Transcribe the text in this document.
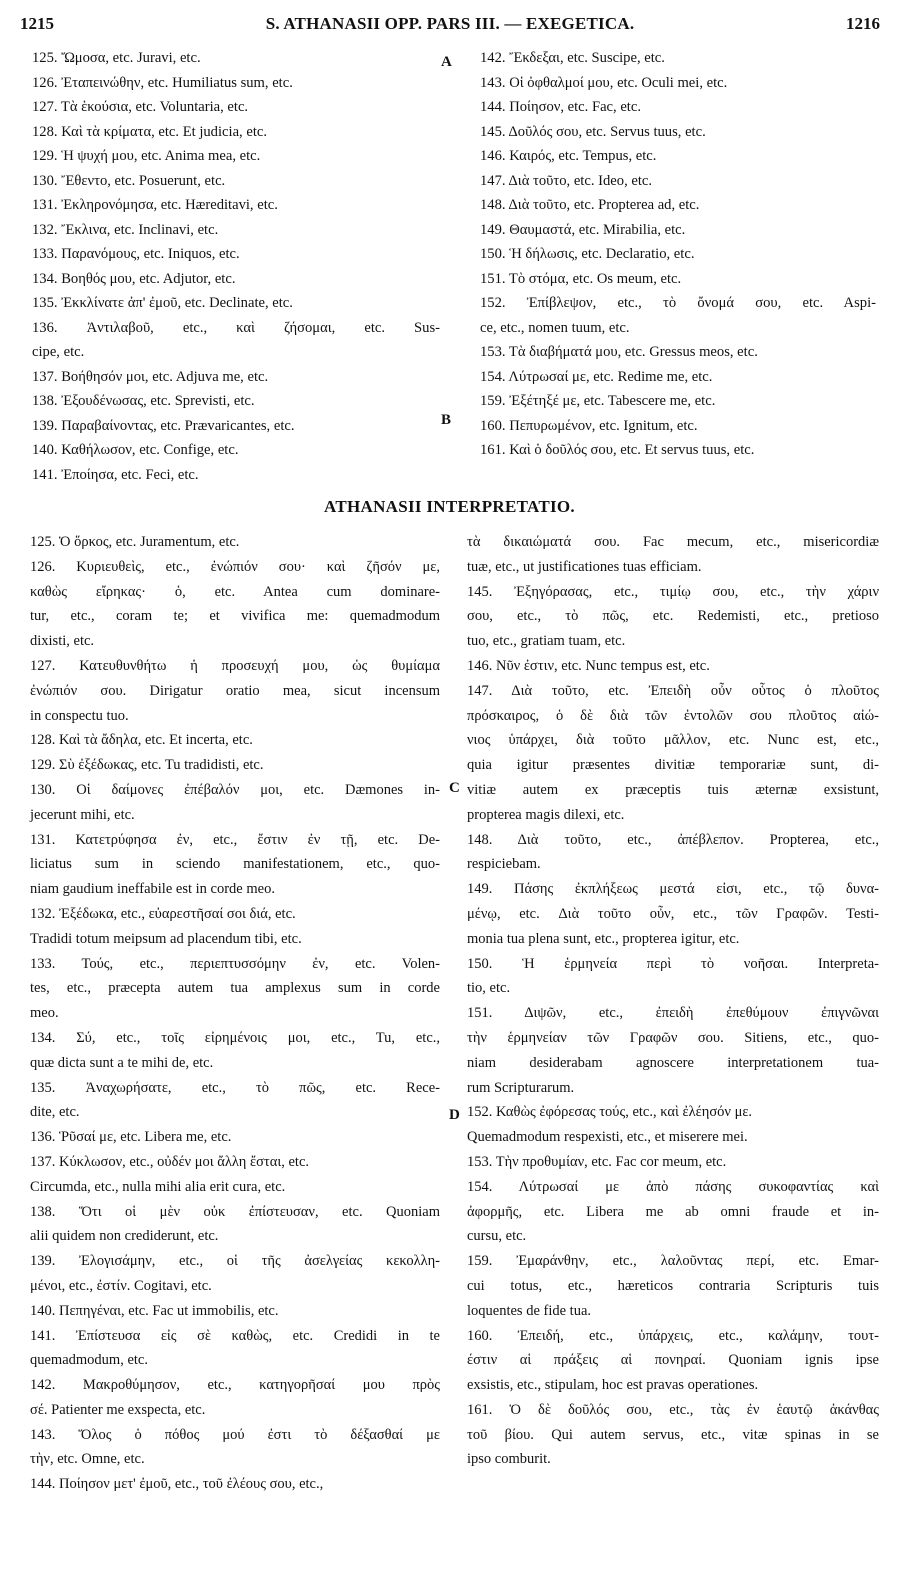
1215	S. ATHANASII OPP. PARS III. — EXEGETICA.	1216
125. Ὤμοσα, etc. Juravi, etc.
126. Ἐταπεινώθην, etc. Humiliatus sum, etc.
127. Τὰ ἑκούσια, etc. Voluntaria, etc.
128. Καὶ τὰ κρίματα, etc. Et judicia, etc.
129. Ἡ ψυχή μου, etc. Anima mea, etc.
130. Ἔθεντο, etc. Posuerunt, etc.
131. Ἐκληρονόμησα, etc. Hæreditavi, etc.
132. Ἔκλινα, etc. Inclinavi, etc.
133. Παρανόμους, etc. Iniquos, etc.
134. Βοηθός μου, etc. Adjutor, etc.
135. Ἐκκλίνατε ἀπ' ἐμοῦ, etc. Declinate, etc.
136. Ἀντιλαβοῦ, etc., καὶ ζήσομαι, etc. Sus-
cipe, etc.
137. Βοήθησόν μοι, etc. Adjuva me, etc.
138. Ἐξουδένωσας, etc. Sprevisti, etc.
139. Παραβαίνοντας, etc. Prævaricantes, etc.
140. Καθήλωσον, etc. Confige, etc.
141. Ἐποίησα, etc. Feci, etc.
142. Ἔκδεξαι, etc. Suscipe, etc.
143. Οἱ ὀφθαλμοί μου, etc. Oculi mei, etc.
144. Ποίησον, etc. Fac, etc.
145. Δοῦλός σου, etc. Servus tuus, etc.
146. Καιρός, etc. Tempus, etc.
147. Διὰ τοῦτο, etc. Ideo, etc.
148. Διὰ τοῦτο, etc. Propterea ad, etc.
149. Θαυμαστά, etc. Mirabilia, etc.
150. Ἡ δήλωσις, etc. Declaratio, etc.
151. Τὸ στόμα, etc. Os meum, etc.
152. Ἐπίβλεψον, etc., τὸ ὄνομά σου, etc. Aspi-
ce, etc., nomen tuum, etc.
153. Τὰ διαβήματά μου, etc. Gressus meos, etc.
154. Λύτρωσαί με, etc. Redime me, etc.
159. Ἐξέτηξέ με, etc. Tabescere me, etc.
160. Πεπυρωμένον, etc. Ignitum, etc.
161. Καὶ ὁ δοῦλός σου, etc. Et servus tuus, etc.
A
B
ATHANASII INTERPRETATIO.
125. Ὁ ὅρκος, etc. Juramentum, etc.
126. Κυριευθεὶς, etc., ἐνώπιόν σου· καὶ ζῆσόν με,
καθὼς εἴρηκας· ὁ, etc. Antea cum dominare-
tur, etc., coram te; et vivifica me: quemadmodum
dixisti, etc.
127. Κατευθυνθήτω ἡ προσευχή μου, ὡς θυμίαμα
ἐνώπιόν σου. Dirigatur oratio mea, sicut incensum
in conspectu tuo.
128. Καὶ τὰ ἄδηλα, etc. Et incerta, etc.
129. Σὺ ἐξέδωκας, etc. Tu tradidisti, etc.
130. Οἱ δαίμονες ἐπέβαλόν μοι, etc. Dæmones in-
jecerunt mihi, etc.
131. Κατετρύφησα ἐν, etc., ἔστιν ἐν τῇ, etc. De-
liciatus sum in sciendo manifestationem, etc., quo-
niam gaudium ineffabile est in corde meo.
132. Ἐξέδωκα, etc., εὐαρεστῆσαί σοι διά, etc.
Tradidi totum meipsum ad placendum tibi, etc.
133. Τούς, etc., περιεπτυσσόμην ἐν, etc. Volen-
tes, etc., præcepta autem tua amplexus sum in corde
meo.
134. Σύ, etc., τοῖς εἰρημένοις μοι, etc., Tu, etc.,
quæ dicta sunt a te mihi de, etc.
135. Ἀναχωρήσατε, etc., τὸ πῶς, etc. Rece-
dite, etc.
136. Ῥῦσαί με, etc. Libera me, etc.
137. Κύκλωσον, etc., οὐδέν μοι ἄλλη ἔσται, etc.
Circumda, etc., nulla mihi alia erit cura, etc.
138. Ὅτι οἱ μὲν οὐκ ἐπίστευσαν, etc. Quoniam
alii quidem non crediderunt, etc.
139. Ἐλογισάμην, etc., οἱ τῆς ἀσελγείας κεκολλη-
μένοι, etc., ἐστίν. Cogitavi, etc.
140. Πεπηγέναι, etc. Fac ut immobilis, etc.
141. Ἐπίστευσα εἰς σὲ καθὼς, etc. Credidi in te
quemadmodum, etc.
142. Μακροθύμησον, etc., κατηγορῆσαί μου πρὸς
σέ. Patienter me exspecta, etc.
143. Ὅλος ὁ πόθος μού ἐστι τὸ δέξασθαί με
τὴν, etc. Omne, etc.
144. Ποίησον μετ' ἐμοῦ, etc., τοῦ ἐλέους σου, etc.,
τὰ δικαιώματά σου. Fac mecum, etc., misericordiæ
tuæ, etc., ut justificationes tuas efficiam.
145. Ἐξηγόρασας, etc., τιμίῳ σου, etc., τὴν χάριν
σου, etc., τὸ πῶς, etc. Redemisti, etc., pretioso
tuo, etc., gratiam tuam, etc.
146. Νῦν ἐστιν, etc. Nunc tempus est, etc.
147. Διὰ τοῦτο, etc. Ἐπειδὴ οὖν οὗτος ὁ πλοῦτος
πρόσκαιρος, ὁ δὲ διὰ τῶν ἐντολῶν σου πλοῦτος αἰώ-
νιος ὑπάρχει, διὰ τοῦτο μᾶλλον, etc. Nunc est, etc.,
quia igitur præsentes divitiæ temporariæ sunt, di-
vitiæ autem ex præceptis tuis æternæ exsistunt,
propterea magis dilexi, etc.
148. Διὰ τοῦτο, etc., ἀπέβλεπον. Propterea, etc.,
respiciebam.
149. Πάσης ἐκπλήξεως μεστά εἰσι, etc., τῷ δυνα-
μένῳ, etc. Διὰ τοῦτο οὖν, etc., τῶν Γραφῶν. Testi-
monia tua plena sunt, etc., propterea igitur, etc.
150. Ἡ ἑρμηνεία περὶ τὸ νοῆσαι. Interpreta-
tio, etc.
151. Διψῶν, etc., ἐπειδὴ ἐπεθύμουν ἐπιγνῶναι
τὴν ἑρμηνείαν τῶν Γραφῶν σου. Sitiens, etc., quo-
niam desiderabam agnoscere interpretationem tua-
rum Scripturarum.
152. Καθὼς ἐφόρεσας τούς, etc., καὶ ἐλέησόν με.
Quemadmodum respexisti, etc., et miserere mei.
153. Τὴν προθυμίαν, etc. Fac cor meum, etc.
154. Λύτρωσαί με ἀπὸ πάσης συκοφαντίας καὶ
ἀφορμῆς, etc. Libera me ab omni fraude et in-
cursu, etc.
159. Ἐμαράνθην, etc., λαλοῦντας περί, etc. Emar-
cui totus, etc., hæreticos contraria Scripturis tuis
loquentes de fide tua.
160. Ἐπειδή, etc., ὑπάρχεις, etc., καλάμην, τουτ-
έστιν αἱ πράξεις αἱ πονηραί. Quoniam ignis ipse
exsistis, etc., stipulam, hoc est pravas operationes.
161. Ὁ δὲ δοῦλός σου, etc., τὰς ἐν ἑαυτῷ ἀκάνθας
τοῦ βίου. Qui autem servus, etc., vitæ spinas in se
ipso comburit.
C
D
